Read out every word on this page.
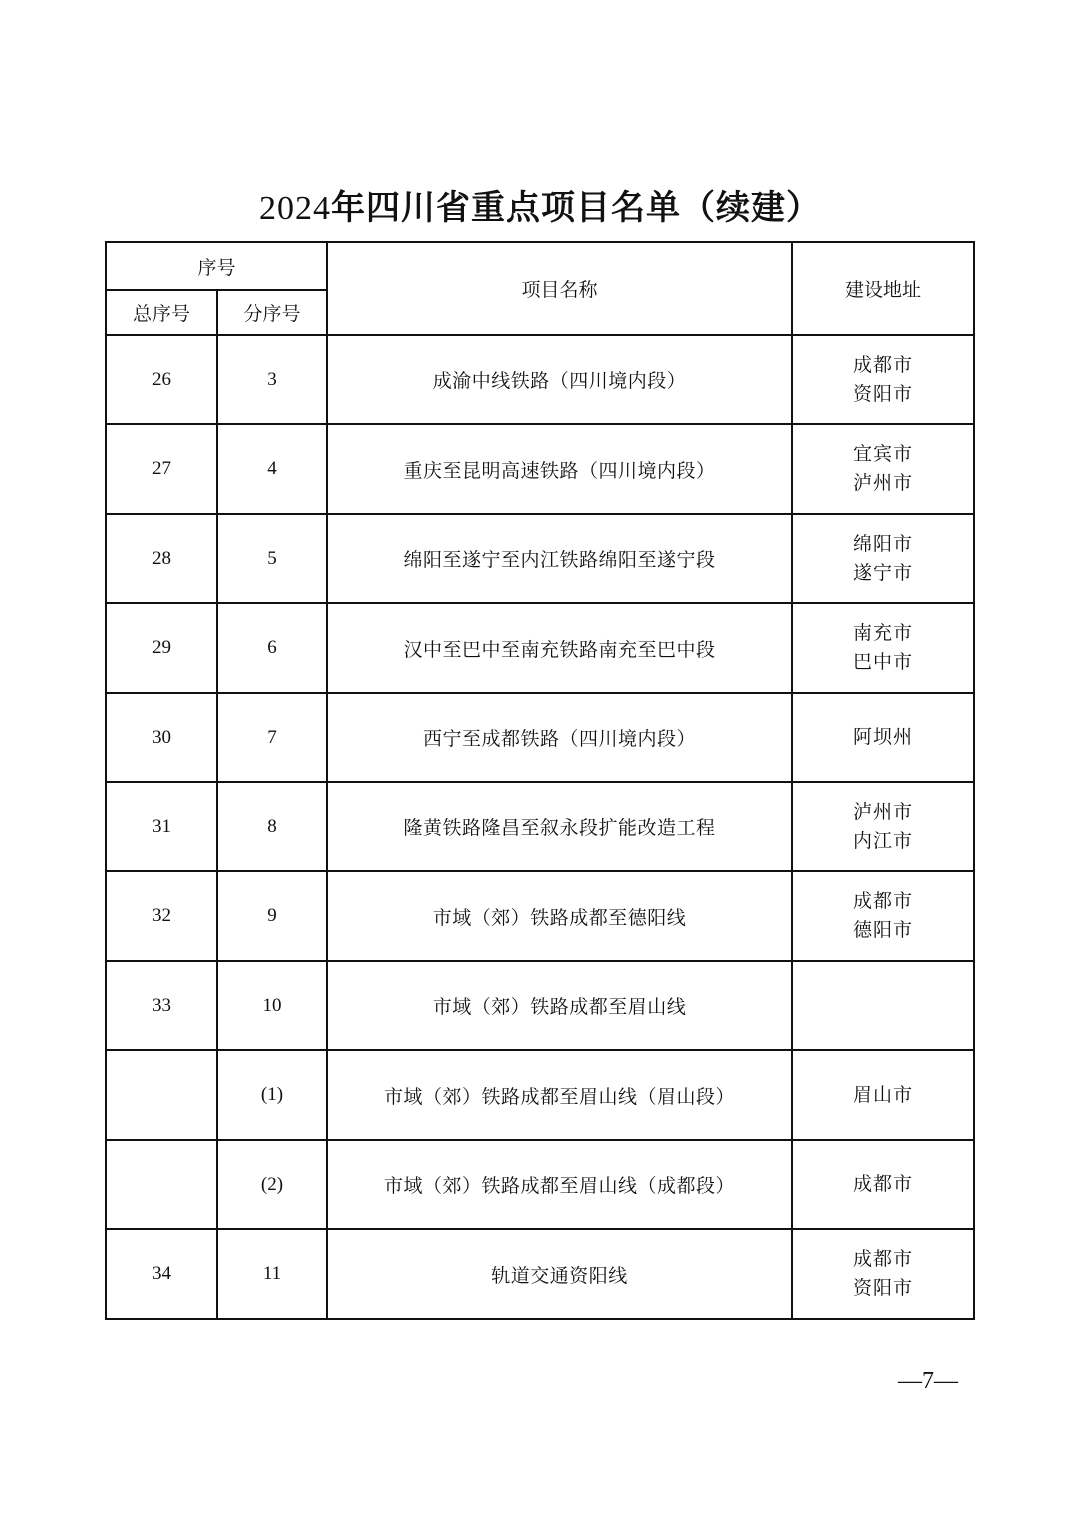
2024年四川省重点项目名单（续建）
序号		项目名称	建设地址
总序号	分序号		
26	3	成渝中线铁路（四川境内段）	成都市
资阳市

27	4	重庆至昆明高速铁路（四川境内段）	宜宾市
泸州市

28	5	绵阳至遂宁至内江铁路绵阳至遂宁段	绵阳市
遂宁市

29	6	汉中至巴中至南充铁路南充至巴中段	南充市
巴中市

30	7	西宁至成都铁路（四川境内段）	阿坝州

31	8	隆黄铁路隆昌至叙永段扩能改造工程	泸州市
内江市

32	9	市域（郊）铁路成都至德阳线	成都市
德阳市

33	10	市域（郊）铁路成都至眉山线	
	(1)	市域（郊）铁路成都至眉山线（眉山段）	眉山市

	(2)	市域（郊）铁路成都至眉山线（成都段）	成都市

34	11	轨道交通资阳线	成都市
资阳市
—7—
